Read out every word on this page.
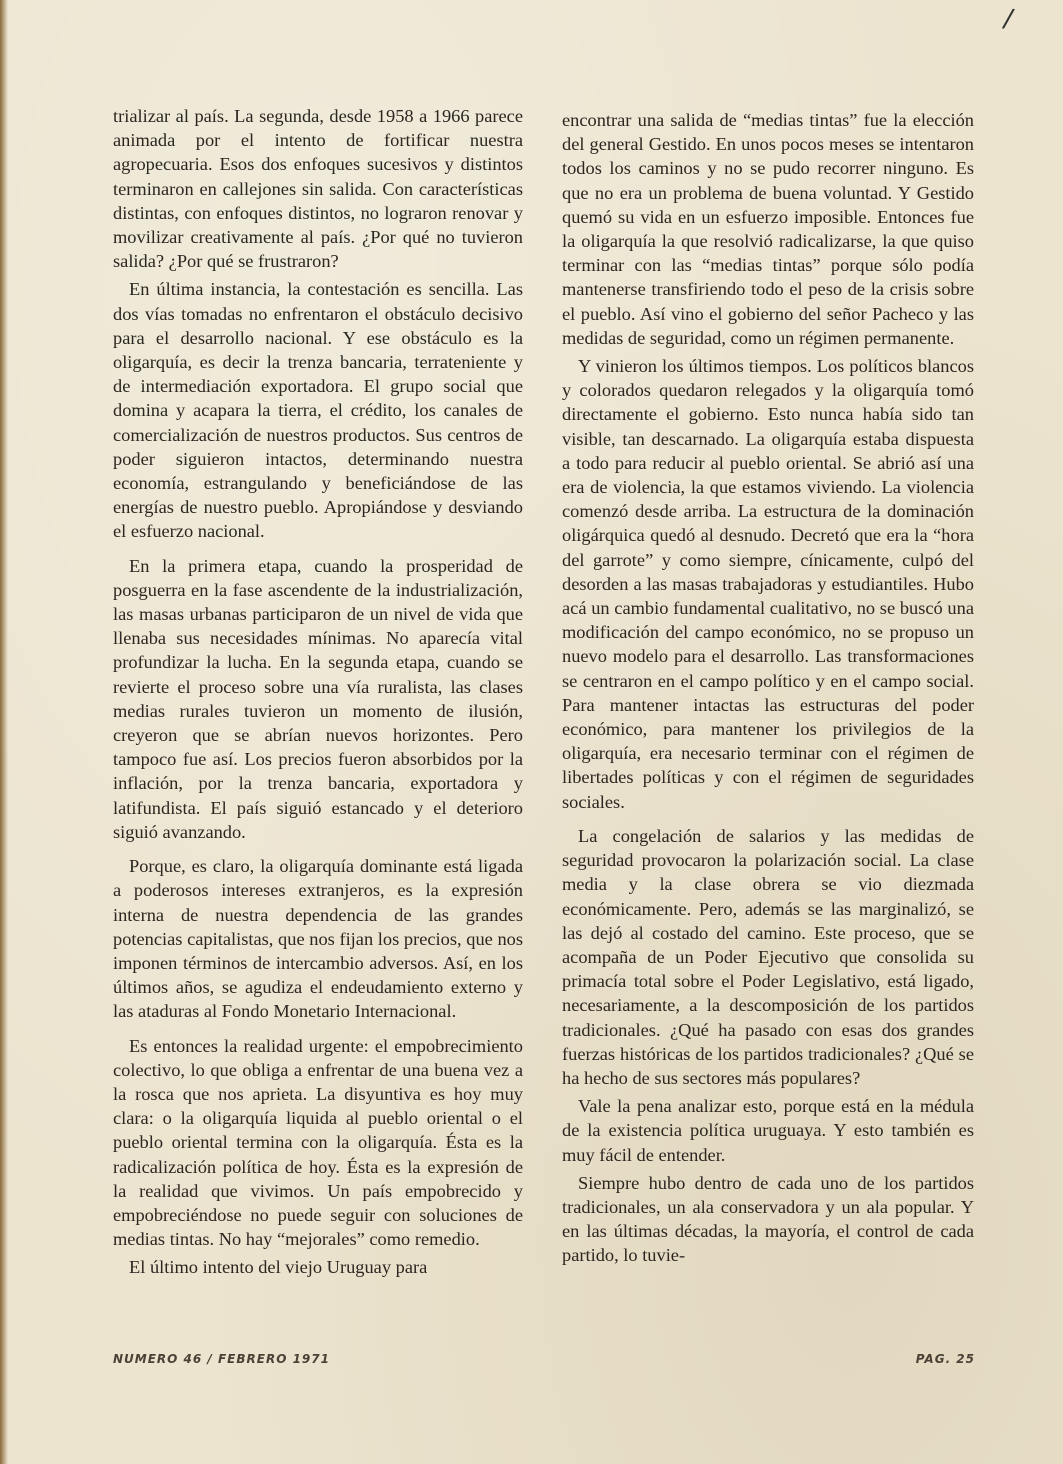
/

trializar al país. La segunda, desde 1958 a 1966 parece animada por el intento de fortificar nuestra agropecuaria. Esos dos enfoques sucesivos y distintos terminaron en callejones sin salida. Con características distintas, con enfoques distintos, no lograron renovar y movilizar creativamente al país. ¿Por qué no tuvieron salida? ¿Por qué se frustraron?

En última instancia, la contestación es sencilla. Las dos vías tomadas no enfrentaron el obstáculo decisivo para el desarrollo nacional. Y ese obstáculo es la oligarquía, es decir la trenza bancaria, terrateniente y de intermediación exportadora. El grupo social que domina y acapara la tierra, el crédito, los canales de comercialización de nuestros productos. Sus centros de poder siguieron intactos, determinando nuestra economía, estrangulando y beneficiándose de las energías de nuestro pueblo. Apropiándose y desviando el esfuerzo nacional.

En la primera etapa, cuando la prosperidad de posguerra en la fase ascendente de la industrialización, las masas urbanas participaron de un nivel de vida que llenaba sus necesidades mínimas. No aparecía vital profundizar la lucha. En la segunda etapa, cuando se revierte el proceso sobre una vía ruralista, las clases medias rurales tuvieron un momento de ilusión, creyeron que se abrían nuevos horizontes. Pero tampoco fue así. Los precios fueron absorbidos por la inflación, por la trenza bancaria, exportadora y latifundista. El país siguió estancado y el deterioro siguió avanzando.

Porque, es claro, la oligarquía dominante está ligada a poderosos intereses extranjeros, es la expresión interna de nuestra dependencia de las grandes potencias capitalistas, que nos fijan los precios, que nos imponen términos de intercambio adversos. Así, en los últimos años, se agudiza el endeudamiento externo y las ataduras al Fondo Monetario Internacional.

Es entonces la realidad urgente: el empobrecimiento colectivo, lo que obliga a enfrentar de una buena vez a la rosca que nos aprieta. La disyuntiva es hoy muy clara: o la oligarquía liquida al pueblo oriental o el pueblo oriental termina con la oligarquía. Ésta es la radicalización política de hoy. Ésta es la expresión de la realidad que vivimos. Un país empobrecido y empobreciéndose no puede seguir con soluciones de medias tintas. No hay “mejorales” como remedio.

El último intento del viejo Uruguay para

encontrar una salida de “medias tintas” fue la elección del general Gestido. En unos pocos meses se intentaron todos los caminos y no se pudo recorrer ninguno. Es que no era un problema de buena voluntad. Y Gestido quemó su vida en un esfuerzo imposible. Entonces fue la oligarquía la que resolvió radicalizarse, la que quiso terminar con las “medias tintas” porque sólo podía mantenerse transfiriendo todo el peso de la crisis sobre el pueblo. Así vino el gobierno del señor Pacheco y las medidas de seguridad, como un régimen permanente.

Y vinieron los últimos tiempos. Los políticos blancos y colorados quedaron relegados y la oligarquía tomó directamente el gobierno. Esto nunca había sido tan visible, tan descarnado. La oligarquía estaba dispuesta a todo para reducir al pueblo oriental. Se abrió así una era de violencia, la que estamos viviendo. La violencia comenzó desde arriba. La estructura de la dominación oligárquica quedó al desnudo. Decretó que era la “hora del garrote” y como siempre, cínicamente, culpó del desorden a las masas trabajadoras y estudiantiles. Hubo acá un cambio fundamental cualitativo, no se buscó una modificación del campo económico, no se propuso un nuevo modelo para el desarrollo. Las transformaciones se centraron en el campo político y en el campo social. Para mantener intactas las estructuras del poder económico, para mantener los privilegios de la oligarquía, era necesario terminar con el régimen de libertades políticas y con el régimen de seguridades sociales.

La congelación de salarios y las medidas de seguridad provocaron la polarización social. La clase media y la clase obrera se vio diezmada económicamente. Pero, además se las marginalizó, se las dejó al costado del camino. Este proceso, que se acompaña de un Poder Ejecutivo que consolida su primacía total sobre el Poder Legislativo, está ligado, necesariamente, a la descomposición de los partidos tradicionales. ¿Qué ha pasado con esas dos grandes fuerzas históricas de los partidos tradicionales? ¿Qué se ha hecho de sus sectores más populares?

Vale la pena analizar esto, porque está en la médula de la existencia política uruguaya. Y esto también es muy fácil de entender.

Siempre hubo dentro de cada uno de los partidos tradicionales, un ala conservadora y un ala popular. Y en las últimas décadas, la mayoría, el control de cada partido, lo tuvie-

NUMERO 46 / FEBRERO 1971	PAG. 25
